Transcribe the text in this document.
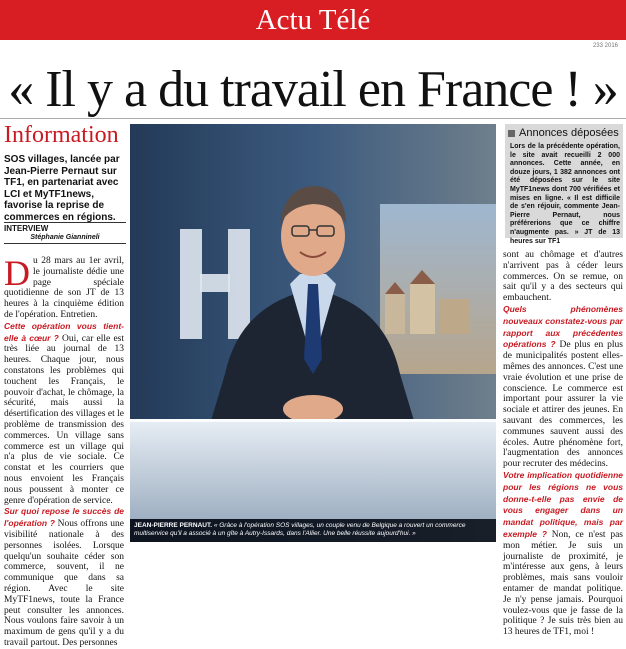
Actu Télé
233 2016
« Il y a du travail en France ! »
Information
SOS villages, lancée par Jean-Pierre Pernaut sur TF1, en partenariat avec LCI et MyTF1news, favorise la reprise de commerces en régions.
INTERVIEW
Stéphanie Giannineli
D u 28 mars au 1er avril, le journaliste dédie une page spéciale quotidienne de son JT de 13 heures à la cinquième édition de l'opération. Entretien.
Cette opération vous tient-elle à cœur ? Oui, car elle est très liée au journal de 13 heures. Chaque jour, nous constatons les problèmes qui touchent les Français, le pouvoir d'achat, le chômage, la sécurité, mais aussi la désertification des villages et le problème de transmission des commerces. Un village sans commerce est un village qui n'a plus de vie sociale. Ce constat et les courriers que nous envoient les Français nous poussent à monter ce genre d'opération de service.
Sur quoi repose le succès de l'opération ? Nous offrons une visibilité nationale à des personnes isolées. Lorsque quelqu'un souhaite céder son commerce, souvent, il ne communique que dans sa région. Avec le site MyTF1news, toute la France peut consulter les annonces. Nous voulons faire savoir à un maximum de gens qu'il y a du travail partout. Des personnes
JEAN-PIERRE PERNAUT. « Grâce à l'opération SOS villages, un couple venu de Belgique a rouvert un commerce multiservice qu'il a associé à un gîte à Autry-Issards, dans l'Allier. Une belle réussite aujourd'hui. »
Annonces déposées
Lors de la précédente opération, le site avait recueilli 2 000 annonces. Cette année, en douze jours, 1 382 annonces ont été déposées sur le site MyTF1news dont 700 vérifiées et mises en ligne. « Il est difficile de s'en réjouir, commente Jean-Pierre Pernaut, nous préférerions que ce chiffre n'augmente pas. » JT de 13 heures sur TF1
sont au chômage et d'autres n'arrivent pas à céder leurs commerces. On se remue, on sait qu'il y a des secteurs qui embauchent.
Quels phénomènes nouveaux constatez-vous par rapport aux précédentes opérations ? De plus en plus de municipalités postent elles-mêmes des annonces. C'est une vraie évolution et une prise de conscience. Le commerce est important pour assurer la vie sociale et attirer des jeunes. En sauvant des commerces, les communes sauvent aussi des écoles. Autre phénomène fort, l'augmentation des annonces pour recruter des médecins.
Votre implication quotidienne pour les régions ne vous donne-t-elle pas envie de vous engager dans un mandat politique, mais par exemple ? Non, ce n'est pas mon métier. Je suis un journaliste de proximité, je m'intéresse aux gens, à leurs problèmes, mais sans vouloir entamer de mandat politique. Je n'y pense jamais. Pourquoi voulez-vous que je fasse de la politique ? Je suis très bien au 13 heures de TF1, moi !
